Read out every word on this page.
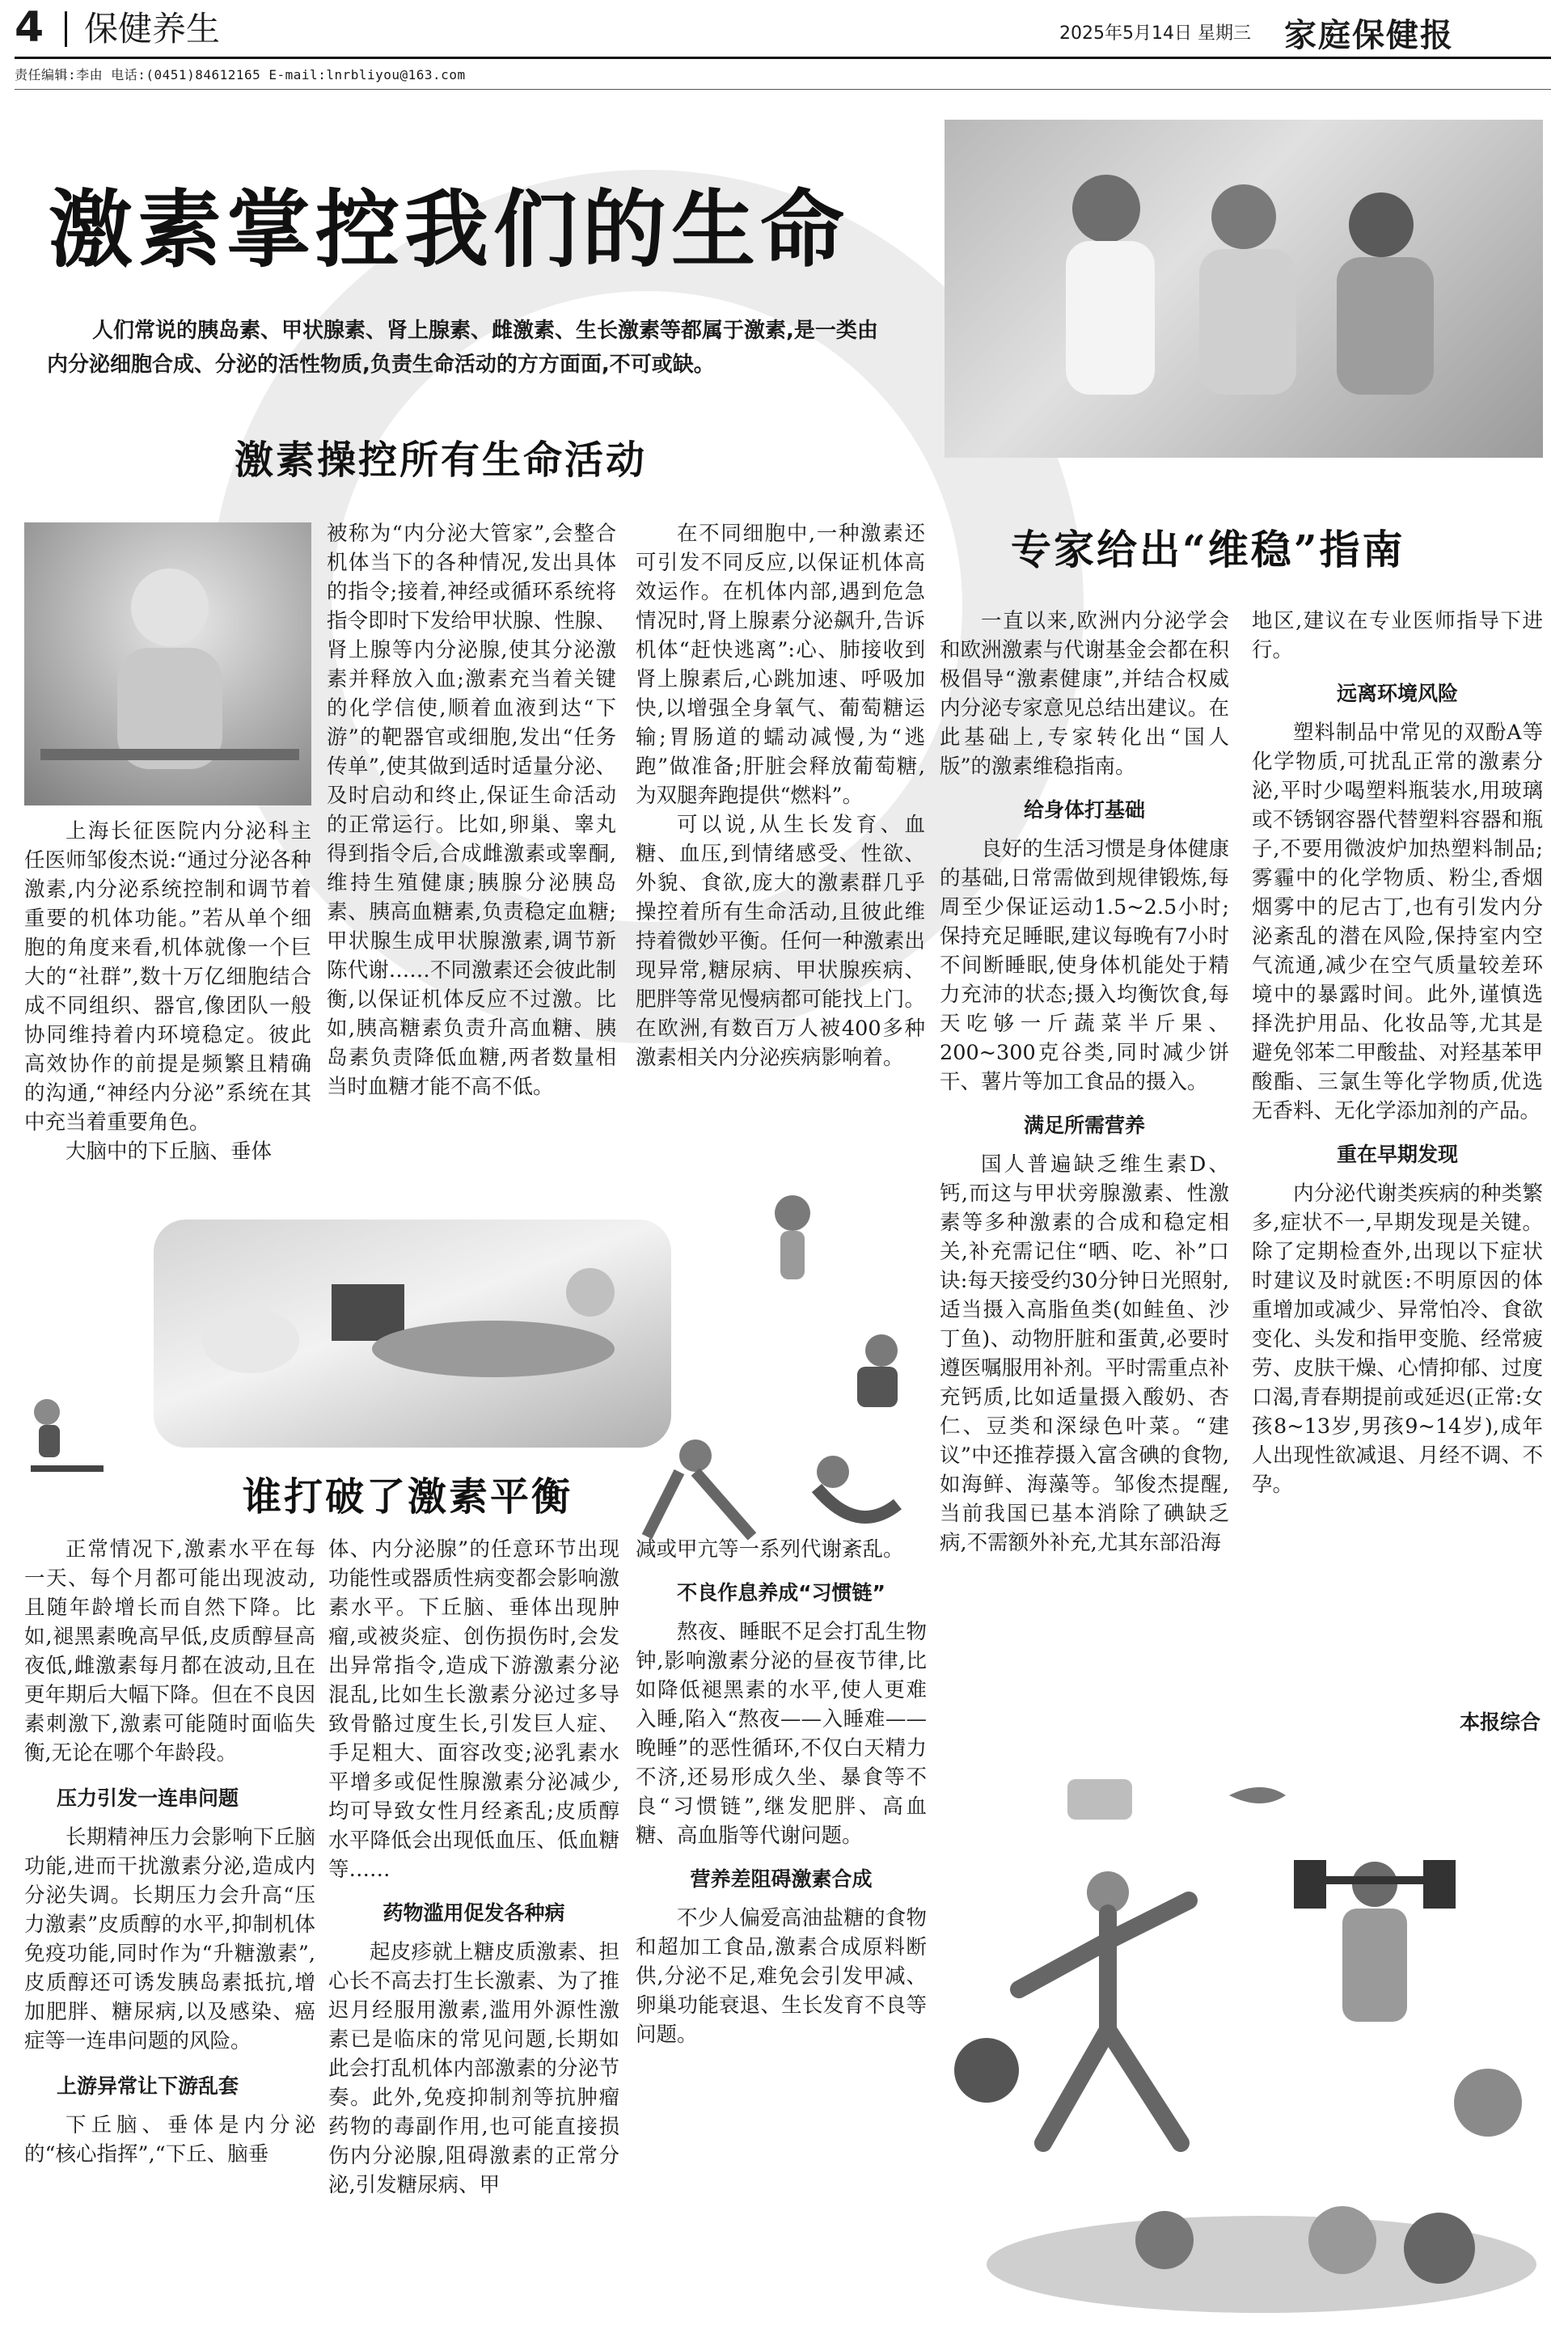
4 保健养生	2025年5月14日 星期三 家庭保健报
责任编辑:李由 电话:(0451)84612165 E-mail:lnrbliyou@163.com
激素掌控我们的生命
人们常说的胰岛素、甲状腺素、肾上腺素、雌激素、生长激素等都属于激素,是一类由内分泌细胞合成、分泌的活性物质,负责生命活动的方方面面,不可或缺。
激素操控所有生命活动

上海长征医院内分泌科主任医师邹俊杰说:“通过分泌各种激素,内分泌系统控制和调节着重要的机体功能。”若从单个细胞的角度来看,机体就像一个巨大的“社群”,数十万亿细胞结合成不同组织、器官,像团队一般协同维持着内环境稳定。彼此高效协作的前提是频繁且精确的沟通,“神经内分泌”系统在其中充当着重要角色。

大脑中的下丘脑、垂体

被称为“内分泌大管家”,会整合机体当下的各种情况,发出具体的指令;接着,神经或循环系统将指令即时下发给甲状腺、性腺、肾上腺等内分泌腺,使其分泌激素并释放入血;激素充当着关键的化学信使,顺着血液到达“下游”的靶器官或细胞,发出“任务传单”,使其做到适时适量分泌、及时启动和终止,保证生命活动的正常运行。比如,卵巢、睾丸得到指令后,合成雌激素或睾酮,维持生殖健康;胰腺分泌胰岛素、胰高血糖素,负责稳定血糖;甲状腺生成甲状腺激素,调节新陈代谢……不同激素还会彼此制衡,以保证机体反应不过激。比如,胰高糖素负责升高血糖、胰岛素负责降低血糖,两者数量相当时血糖才能不高不低。

在不同细胞中,一种激素还可引发不同反应,以保证机体高效运作。在机体内部,遇到危急情况时,肾上腺素分泌飙升,告诉机体“赶快逃离”:心、肺接收到肾上腺素后,心跳加速、呼吸加快,以增强全身氧气、葡萄糖运输;胃肠道的蠕动减慢,为“逃跑”做准备;肝脏会释放葡萄糖,为双腿奔跑提供“燃料”。

可以说,从生长发育、血糖、血压,到情绪感受、性欲、外貌、食欲,庞大的激素群几乎操控着所有生命活动,且彼此维持着微妙平衡。任何一种激素出现异常,糖尿病、甲状腺疾病、肥胖等常见慢病都可能找上门。在欧洲,有数百万人被400多种激素相关内分泌疾病影响着。

谁打破了激素平衡

正常情况下,激素水平在每一天、每个月都可能出现波动,且随年龄增长而自然下降。比如,褪黑素晚高早低,皮质醇昼高夜低,雌激素每月都在波动,且在更年期后大幅下降。但在不良因素刺激下,激素可能随时面临失衡,无论在哪个年龄段。

压力引发一连串问题

长期精神压力会影响下丘脑功能,进而干扰激素分泌,造成内分泌失调。长期压力会升高“压力激素”皮质醇的水平,抑制机体免疫功能,同时作为“升糖激素”,皮质醇还可诱发胰岛素抵抗,增加肥胖、糖尿病,以及感染、癌症等一连串问题的风险。

上游异常让下游乱套

下丘脑、垂体是内分泌的“核心指挥”,“下丘、脑垂

体、内分泌腺”的任意环节出现功能性或器质性病变都会影响激素水平。下丘脑、垂体出现肿瘤,或被炎症、创伤损伤时,会发出异常指令,造成下游激素分泌混乱,比如生长激素分泌过多导致骨骼过度生长,引发巨人症、手足粗大、面容改变;泌乳素水平增多或促性腺激素分泌减少,均可导致女性月经紊乱;皮质醇水平降低会出现低血压、低血糖等……

药物滥用促发各种病

起皮疹就上糖皮质激素、担心长不高去打生长激素、为了推迟月经服用激素,滥用外源性激素已是临床的常见问题,长期如此会打乱机体内部激素的分泌节奏。此外,免疫抑制剂等抗肿瘤药物的毒副作用,也可能直接损伤内分泌腺,阻碍激素的正常分泌,引发糖尿病、甲

减或甲亢等一系列代谢紊乱。

不良作息养成“习惯链”

熬夜、睡眠不足会打乱生物钟,影响激素分泌的昼夜节律,比如降低褪黑素的水平,使人更难入睡,陷入“熬夜——入睡难——晚睡”的恶性循环,不仅白天精力不济,还易形成久坐、暴食等不良“习惯链”,继发肥胖、高血糖、高血脂等代谢问题。

营养差阻碍激素合成

不少人偏爱高油盐糖的食物和超加工食品,激素合成原料断供,分泌不足,难免会引发甲减、卵巢功能衰退、生长发育不良等问题。

专家给出“维稳”指南

一直以来,欧洲内分泌学会和欧洲激素与代谢基金会都在积极倡导“激素健康”,并结合权威内分泌专家意见总结出建议。在此基础上,专家转化出“国人版”的激素维稳指南。

给身体打基础

良好的生活习惯是身体健康的基础,日常需做到规律锻炼,每周至少保证运动1.5~2.5小时;保持充足睡眠,建议每晚有7小时不间断睡眠,使身体机能处于精力充沛的状态;摄入均衡饮食,每天吃够一斤蔬菜半斤果、200~300克谷类,同时减少饼干、薯片等加工食品的摄入。

满足所需营养

国人普遍缺乏维生素D、钙,而这与甲状旁腺激素、性激素等多种激素的合成和稳定相关,补充需记住“晒、吃、补”口诀:每天接受约30分钟日光照射,适当摄入高脂鱼类(如鲑鱼、沙丁鱼)、动物肝脏和蛋黄,必要时遵医嘱服用补剂。平时需重点补充钙质,比如适量摄入酸奶、杏仁、豆类和深绿色叶菜。“建议”中还推荐摄入富含碘的食物,如海鲜、海藻等。邹俊杰提醒,当前我国已基本消除了碘缺乏病,不需额外补充,尤其东部沿海

地区,建议在专业医师指导下进行。

远离环境风险

塑料制品中常见的双酚A等化学物质,可扰乱正常的激素分泌,平时少喝塑料瓶装水,用玻璃或不锈钢容器代替塑料容器和瓶子,不要用微波炉加热塑料制品;雾霾中的化学物质、粉尘,香烟烟雾中的尼古丁,也有引发内分泌紊乱的潜在风险,保持室内空气流通,减少在空气质量较差环境中的暴露时间。此外,谨慎选择洗护用品、化妆品等,尤其是避免邻苯二甲酸盐、对羟基苯甲酸酯、三氯生等化学物质,优选无香料、无化学添加剂的产品。

重在早期发现

内分泌代谢类疾病的种类繁多,症状不一,早期发现是关键。除了定期检查外,出现以下症状时建议及时就医:不明原因的体重增加或减少、异常怕冷、食欲变化、头发和指甲变脆、经常疲劳、皮肤干燥、心情抑郁、过度口渴,青春期提前或延迟(正常:女孩8~13岁,男孩9~14岁),成年人出现性欲减退、月经不调、不孕。

本报综合
